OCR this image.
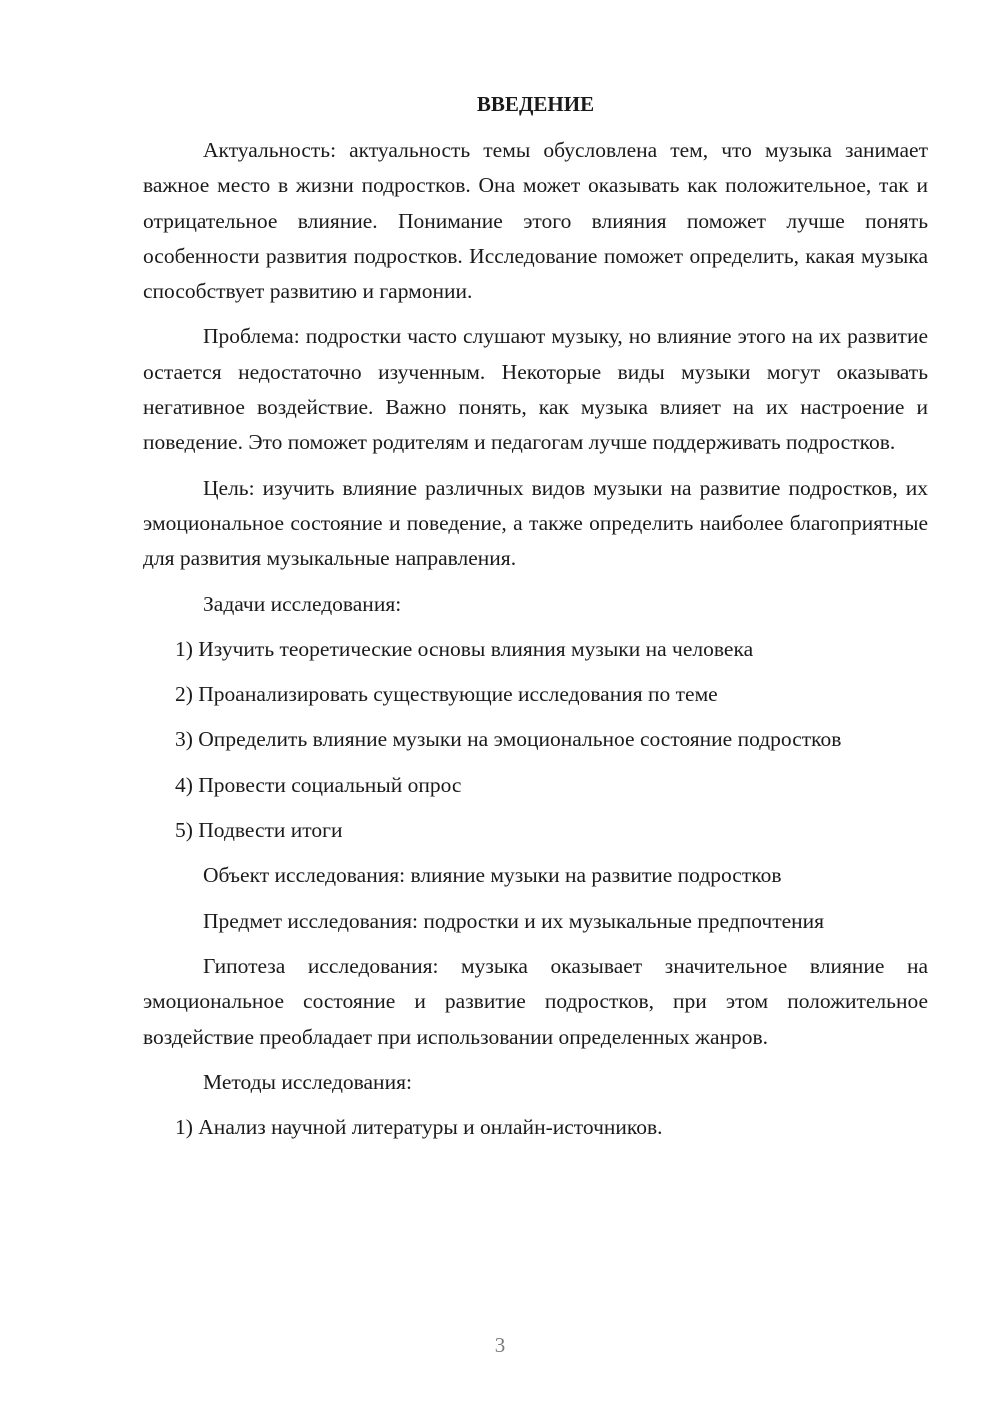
ВВЕДЕНИЕ

Актуальность: актуальность темы обусловлена тем, что музыка занимает важное место в жизни подростков. Она может оказывать как положительное, так и отрицательное влияние. Понимание этого влияния поможет лучше понять особенности развития подростков. Исследование поможет определить, какая музыка способствует развитию и гармонии.

Проблема: подростки часто слушают музыку, но влияние этого на их развитие остается недостаточно изученным. Некоторые виды музыки могут оказывать негативное воздействие. Важно понять, как музыка влияет на их настроение и поведение. Это поможет родителям и педагогам лучше поддерживать подростков.

Цель: изучить влияние различных видов музыки на развитие подростков, их эмоциональное состояние и поведение, а также определить наиболее благоприятные для развития музыкальные направления.

Задачи исследования:
1) Изучить теоретические основы влияния музыки на человека
2) Проанализировать существующие исследования по теме
3) Определить влияние музыки на эмоциональное состояние подростков
4) Провести социальный опрос
5) Подвести итоги
Объект исследования: влияние музыки на развитие подростков
Предмет исследования: подростки и их музыкальные предпочтения

Гипотеза исследования: музыка оказывает значительное влияние на эмоциональное состояние и развитие подростков, при этом положительное воздействие преобладает при использовании определенных жанров.

Методы исследования:
1) Анализ научной литературы и онлайн-источников.
3
